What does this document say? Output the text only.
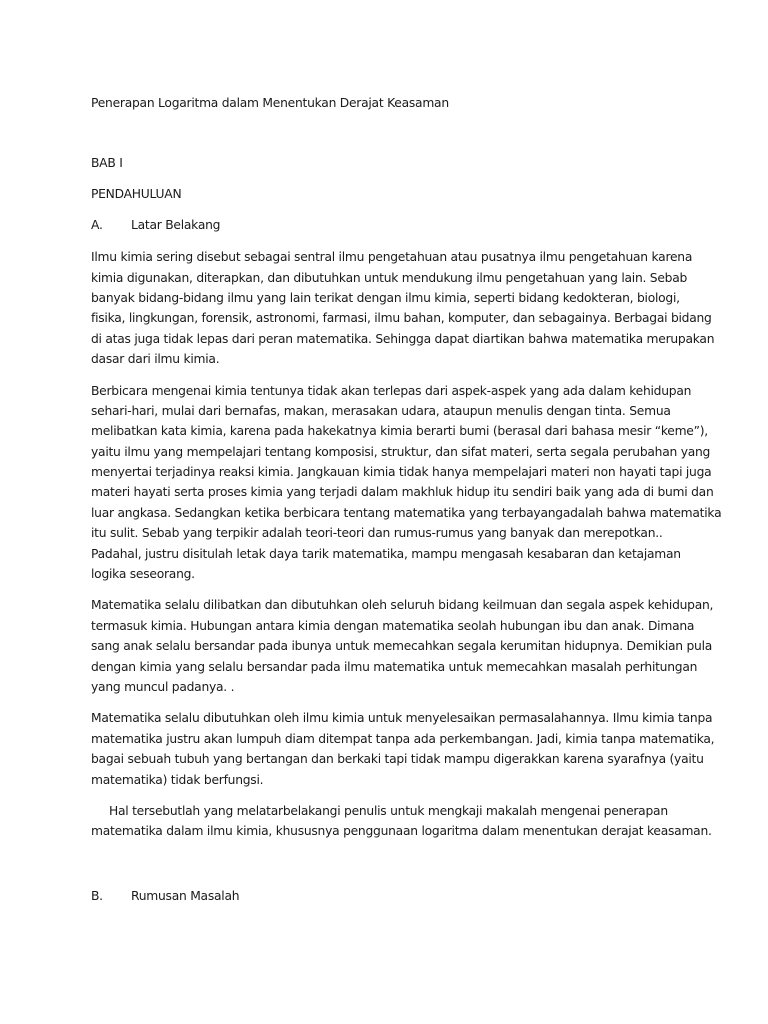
Penerapan Logaritma dalam Menentukan Derajat Keasaman
BAB I
PENDAHULUAN
A.	Latar Belakang
Ilmu kimia sering disebut sebagai sentral ilmu pengetahuan atau pusatnya ilmu pengetahuan karena
kimia digunakan, diterapkan, dan dibutuhkan untuk mendukung ilmu pengetahuan yang lain. Sebab
banyak bidang-bidang ilmu yang lain terikat dengan ilmu kimia, seperti bidang kedokteran, biologi,
fisika, lingkungan, forensik, astronomi, farmasi, ilmu bahan, komputer, dan sebagainya. Berbagai bidang
di atas juga tidak lepas dari peran matematika. Sehingga dapat diartikan bahwa matematika merupakan
dasar dari ilmu kimia.
Berbicara mengenai kimia tentunya tidak akan terlepas dari aspek-aspek yang ada dalam kehidupan
sehari-hari, mulai dari bernafas, makan, merasakan udara, ataupun menulis dengan tinta. Semua
melibatkan kata kimia, karena pada hakekatnya kimia berarti bumi (berasal dari bahasa mesir “keme”),
yaitu ilmu yang mempelajari tentang komposisi, struktur, dan sifat materi, serta segala perubahan yang
menyertai terjadinya reaksi kimia. Jangkauan kimia tidak hanya mempelajari materi non hayati tapi juga
materi hayati serta proses kimia yang terjadi dalam makhluk hidup itu sendiri baik yang ada di bumi dan
luar angkasa. Sedangkan ketika berbicara tentang matematika yang terbayangadalah bahwa matematika
itu sulit. Sebab yang terpikir adalah teori-teori dan rumus-rumus yang banyak dan merepotkan..
Padahal, justru disitulah letak daya tarik matematika, mampu mengasah kesabaran dan ketajaman
logika seseorang.
Matematika selalu dilibatkan dan dibutuhkan oleh seluruh bidang keilmuan dan segala aspek kehidupan,
termasuk kimia. Hubungan antara kimia dengan matematika seolah hubungan ibu dan anak. Dimana
sang anak selalu bersandar pada ibunya untuk memecahkan segala kerumitan hidupnya. Demikian pula
dengan kimia yang selalu bersandar pada ilmu matematika untuk memecahkan masalah perhitungan
yang muncul padanya. .
Matematika selalu dibutuhkan oleh ilmu kimia untuk menyelesaikan permasalahannya. Ilmu kimia tanpa
matematika justru akan lumpuh diam ditempat tanpa ada perkembangan. Jadi, kimia tanpa matematika,
bagai sebuah tubuh yang bertangan dan berkaki tapi tidak mampu digerakkan karena syarafnya (yaitu
matematika) tidak berfungsi.
Hal tersebutlah yang melatarbelakangi penulis untuk mengkaji makalah mengenai penerapan
matematika dalam ilmu kimia, khususnya penggunaan logaritma dalam menentukan derajat keasaman.
B.	Rumusan Masalah
